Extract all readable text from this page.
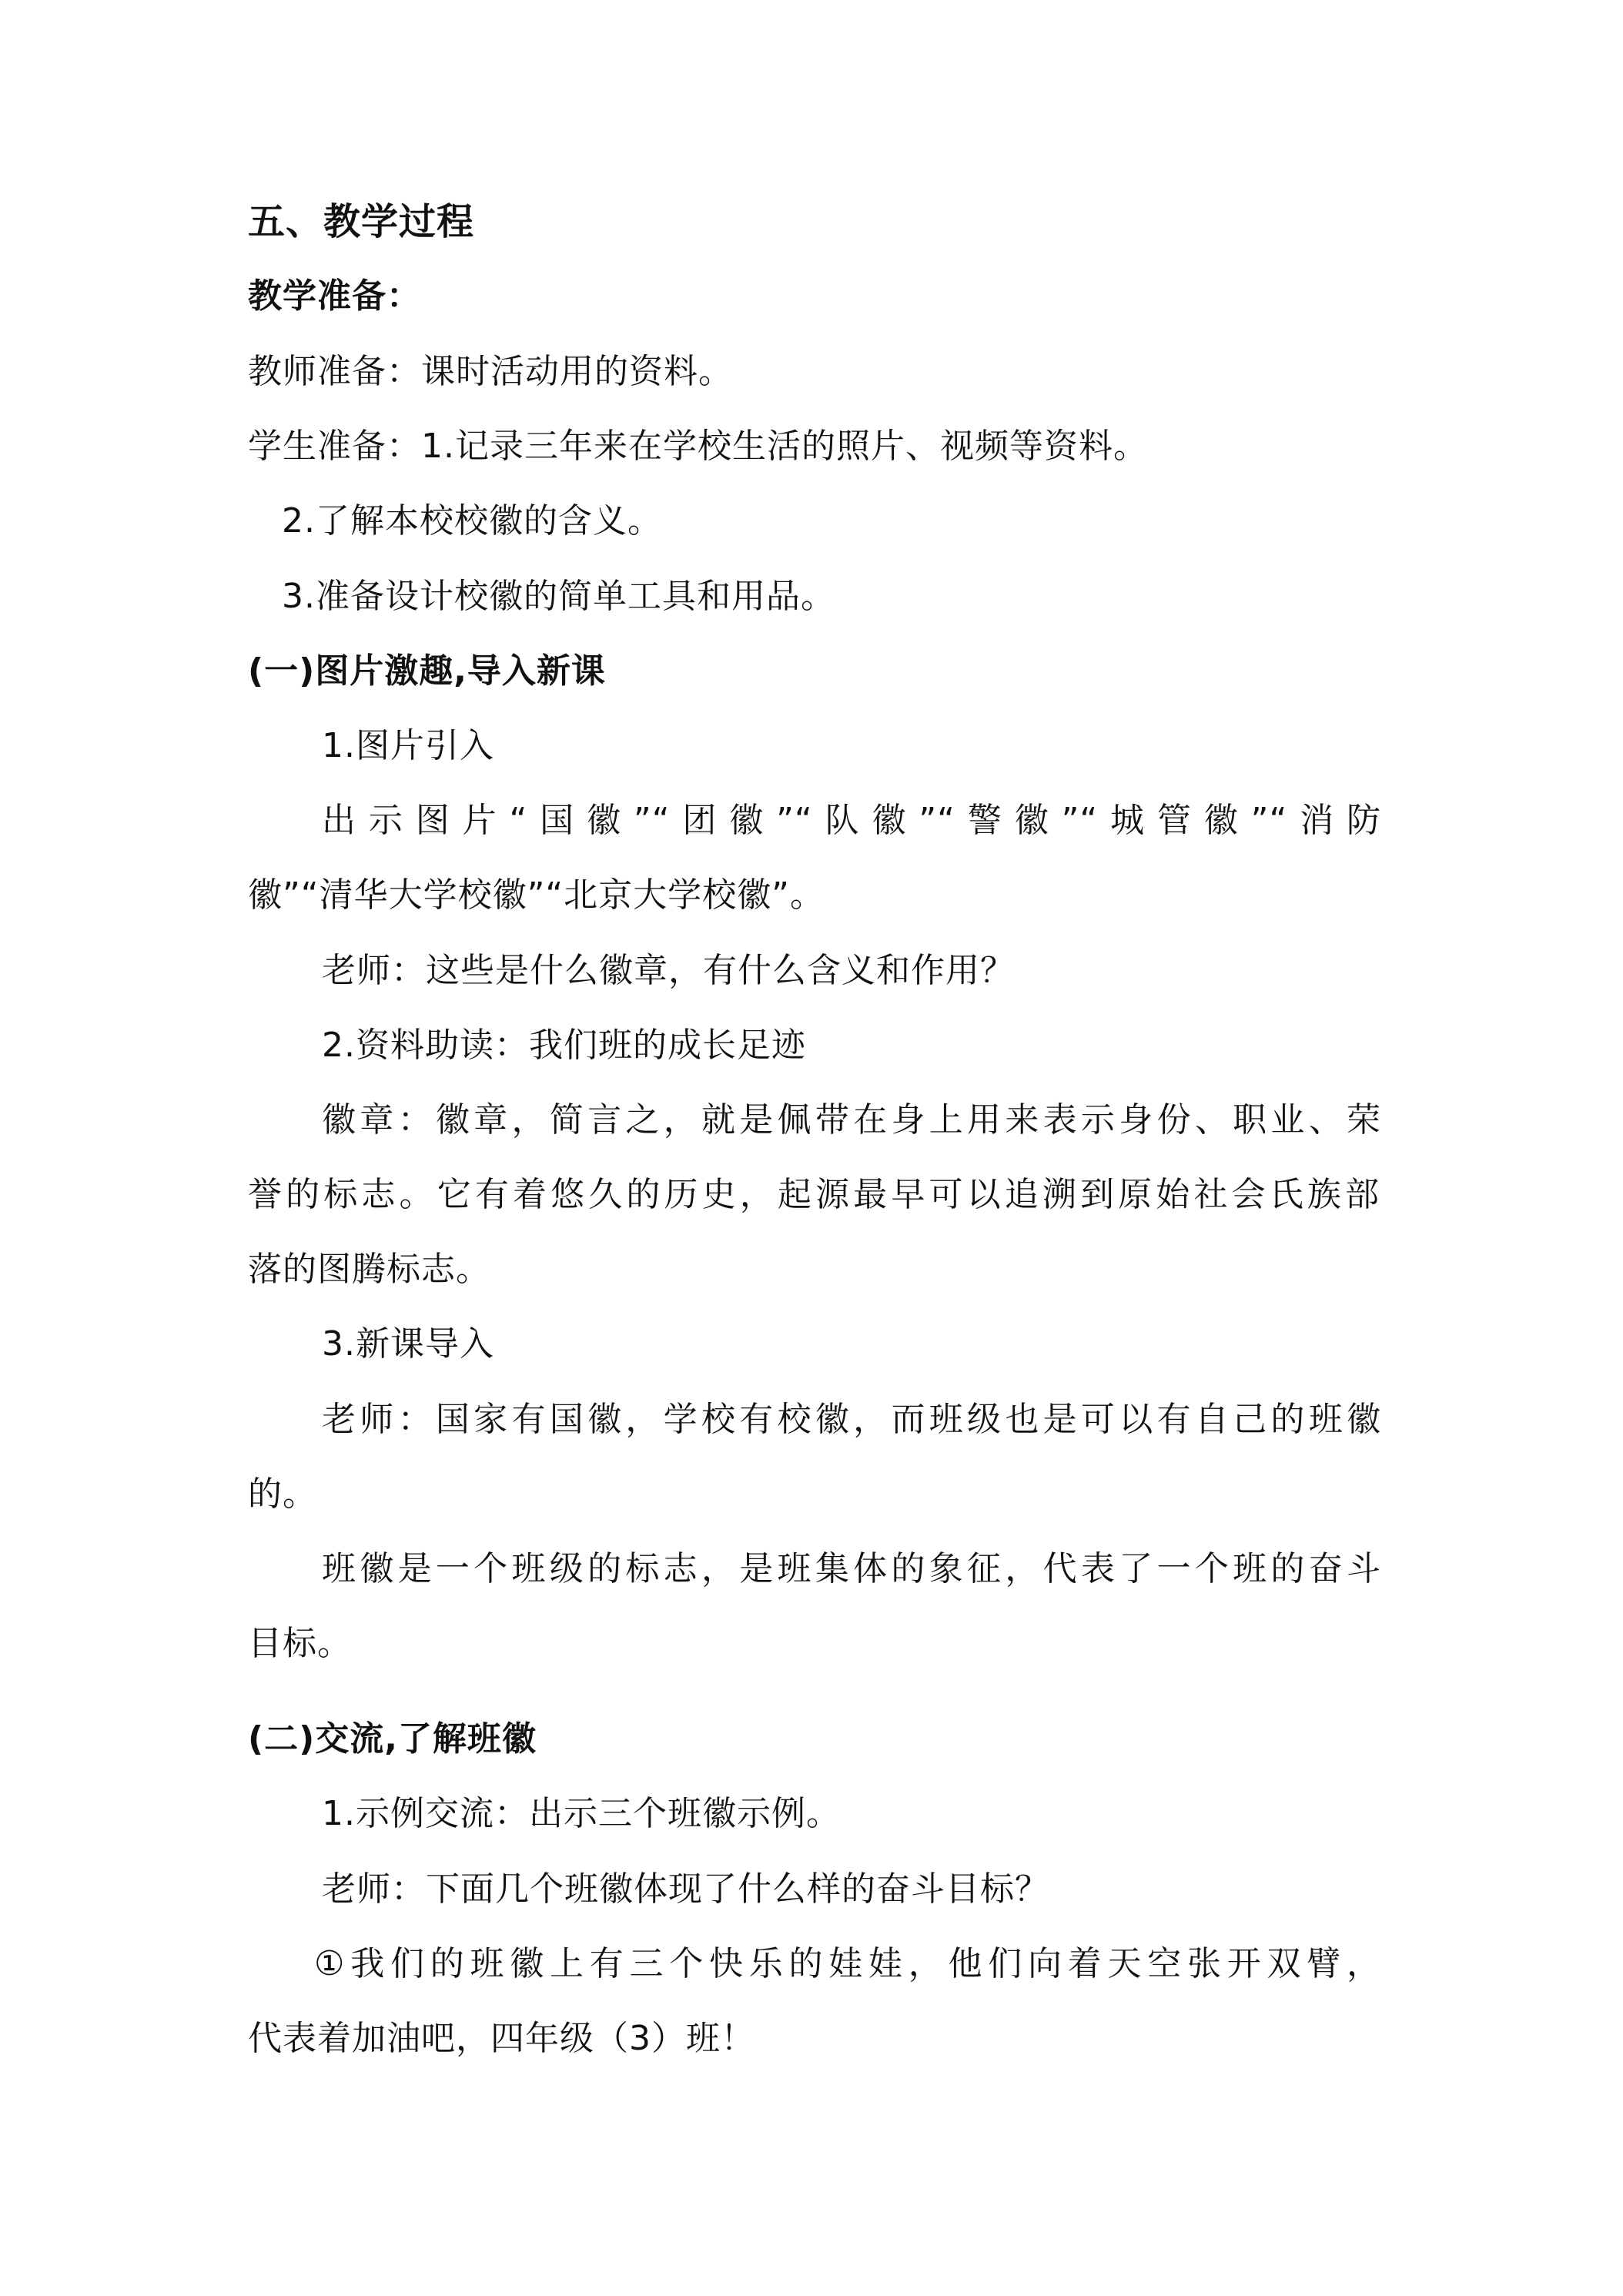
五、教学过程
教学准备：
教师准备：课时活动用的资料。
学生准备：1.记录三年来在学校生活的照片、视频等资料。
2.了解本校校徽的含义。
3.准备设计校徽的简单工具和用品。
(一)图片激趣,导入新课
1.图片引入
出示图片“国徽”“团徽”“队徽”“警徽”“城管徽”“消防
徽”“清华大学校徽”“北京大学校徽”。
老师：这些是什么徽章，有什么含义和作用？
2.资料助读：我们班的成长足迹
徽章：徽章，简言之，就是佩带在身上用来表示身份、职业、荣
誉的标志。它有着悠久的历史，起源最早可以追溯到原始社会氏族部
落的图腾标志。
3.新课导入
老师：国家有国徽，学校有校徽，而班级也是可以有自己的班徽
的。
班徽是一个班级的标志，是班集体的象征，代表了一个班的奋斗
目标。
(二)交流,了解班徽
1.示例交流：出示三个班徽示例。
老师：下面几个班徽体现了什么样的奋斗目标？
①我们的班徽上有三个快乐的娃娃，他们向着天空张开双臂，
代表着加油吧，四年级（3）班！
